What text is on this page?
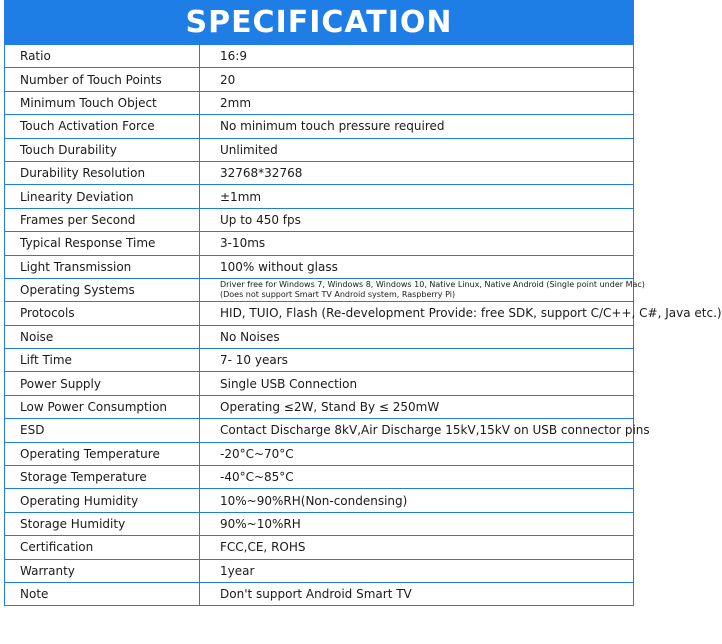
SPECIFICATION
Ratio	16:9
Number of Touch Points	20
Minimum Touch Object	2mm
Touch Activation Force	No minimum touch pressure required
Touch Durability	Unlimited
Durability Resolution	32768*32768
Linearity Deviation	±1mm
Frames per Second	Up to 450 fps
Typical Response Time	3-10ms
Light Transmission	100% without glass
Operating Systems	Driver free for Windows 7, Windows 8, Windows 10, Native Linux, Native Android (Single point under Mac)
(Does not support Smart TV Android system, Raspberry Pi)

Protocols	HID, TUIO, Flash (Re-development Provide: free SDK, support C/C++, C#, Java etc.)
Noise	No Noises
Lift Time	7- 10 years
Power Supply	Single USB Connection
Low Power Consumption	Operating ≤2W, Stand By ≤ 250mW
ESD	Contact Discharge 8kV,Air Discharge 15kV,15kV on USB connector pins
Operating Temperature	-20°C~70°C
Storage Temperature	-40°C~85°C
Operating Humidity	10%~90%RH(Non-condensing)
Storage Humidity	90%~10%RH
Certification	FCC,CE, ROHS
Warranty	1year
Note	Don't support Android Smart TV
